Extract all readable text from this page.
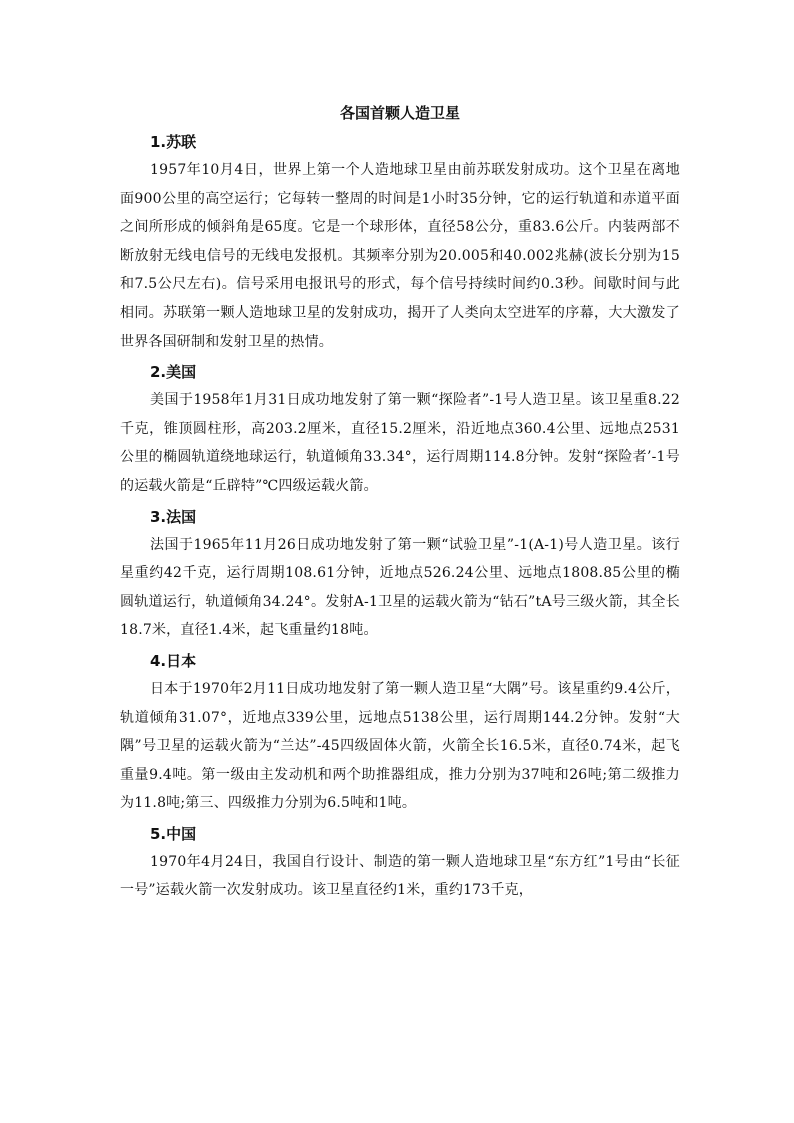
各国首颗人造卫星
1.苏联

1957年10月4日，世界上第一个人造地球卫星由前苏联发射成功。这个卫星在离地面900公里的高空运行；它每转一整周的时间是1小时35分钟，它的运行轨道和赤道平面之间所形成的倾斜角是65度。它是一个球形体，直径58公分，重83.6公斤。内装两部不断放射无线电信号的无线电发报机。其频率分别为20.005和40.002兆赫(波长分别为15和7.5公尺左右)。信号采用电报讯号的形式，每个信号持续时间约0.3秒。间歇时间与此相同。苏联第一颗人造地球卫星的发射成功，揭开了人类向太空进军的序幕，大大激发了世界各国研制和发射卫星的热情。

2.美国

美国于1958年1月31日成功地发射了第一颗“探险者”-1号人造卫星。该卫星重8.22千克，锥顶圆柱形，高203.2厘米，直径15.2厘米，沿近地点360.4公里、远地点2531公里的椭圆轨道绕地球运行，轨道倾角33.34°，运行周期114.8分钟。发射“探险者’-1号的运载火箭是“丘辟特”℃四级运载火箭。

3.法国

法国于1965年11月26日成功地发射了第一颗“试验卫星”-1(A-1)号人造卫星。该行星重约42千克，运行周期108.61分钟，近地点526.24公里、远地点1808.85公里的椭圆轨道运行，轨道倾角34.24°。发射A-1卫星的运载火箭为“钻石”tA号三级火箭，其全长18.7米，直径1.4米，起飞重量约18吨。

4.日本

日本于1970年2月11日成功地发射了第一颗人造卫星“大隅”号。该星重约9.4公斤，轨道倾角31.07°，近地点339公里，远地点5138公里，运行周期144.2分钟。发射“大隅”号卫星的运载火箭为“兰达”-45四级固体火箭，火箭全长16.5米，直径0.74米，起飞重量9.4吨。第一级由主发动机和两个助推器组成，推力分别为37吨和26吨;第二级推力为11.8吨;第三、四级推力分别为6.5吨和1吨。

5.中国

1970年4月24日，我国自行设计、制造的第一颗人造地球卫星“东方红”1号由“长征一号”运载火箭一次发射成功。该卫星直径约1米，重约173千克，
